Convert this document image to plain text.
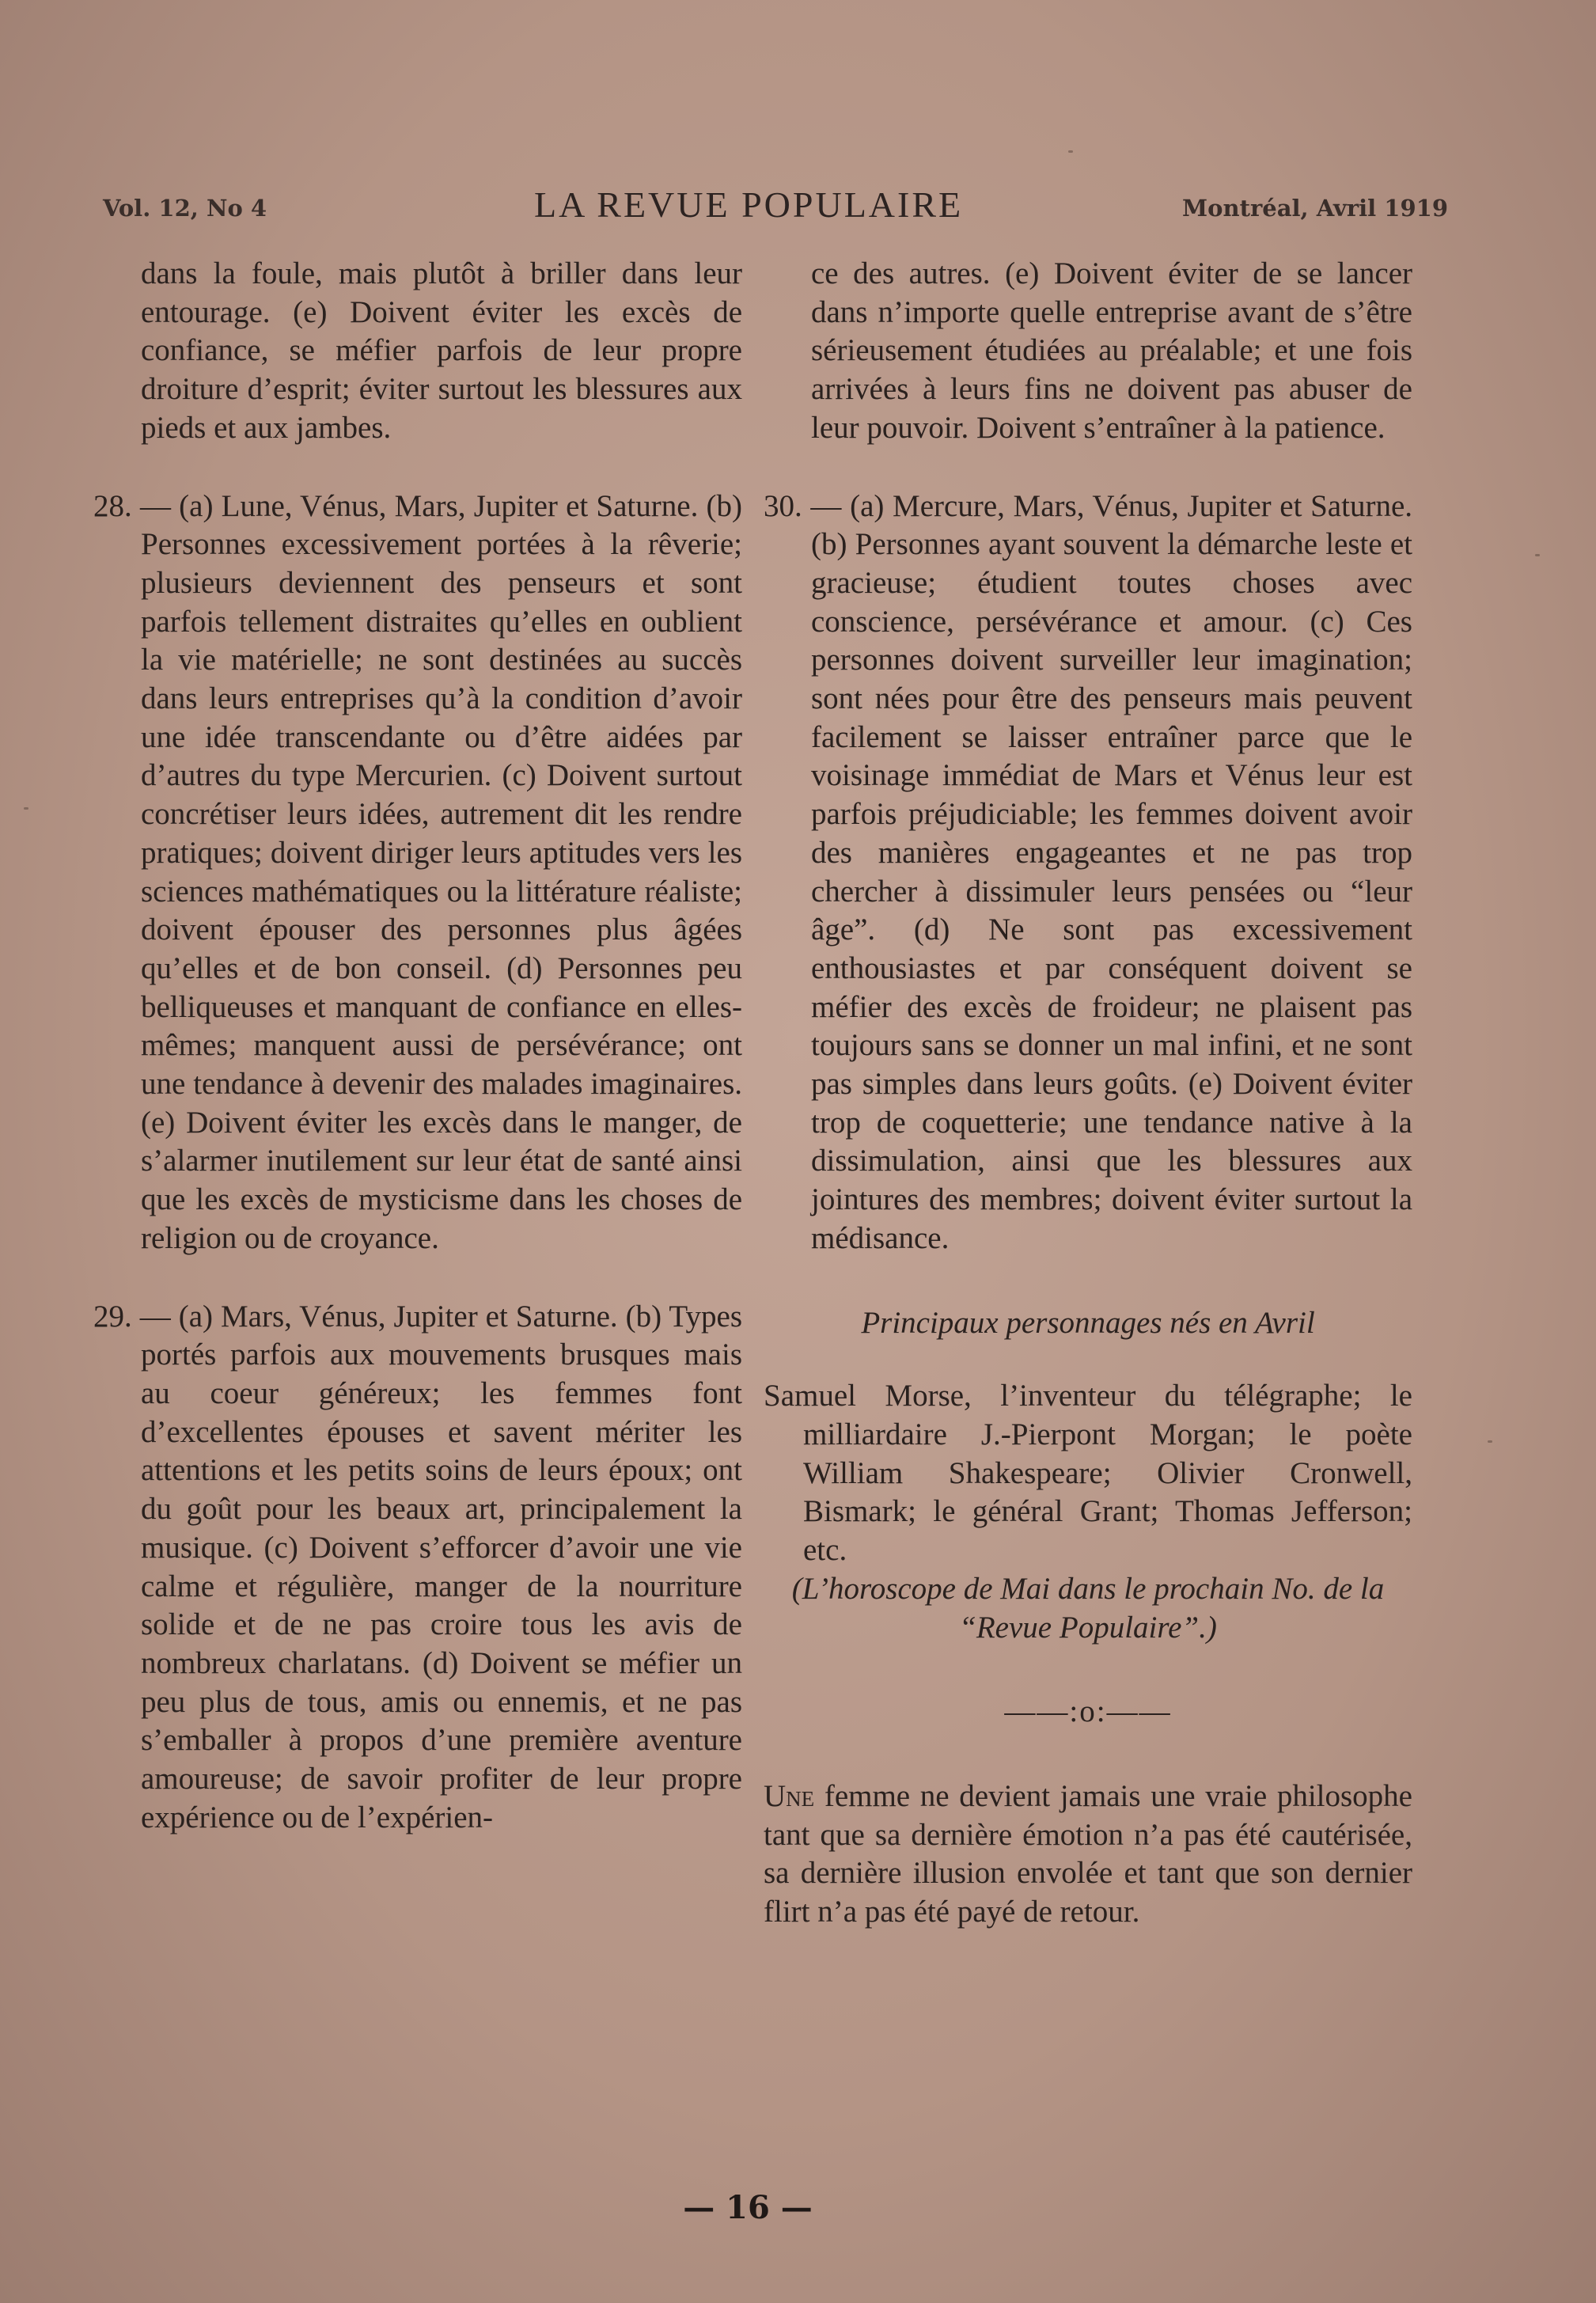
Vol. 12, No 4	LA REVUE POPULAIRE	Montréal, Avril 1919

dans la foule, mais plutôt à briller dans leur entourage. (e) Doivent éviter les excès de confiance, se méfier parfois de leur propre droiture d’esprit; éviter surtout les blessures aux pieds et aux jambes.

28. — (a) Lune, Vénus, Mars, Jupiter et Saturne. (b) Personnes excessivement portées à la rêverie; plusieurs deviennent des penseurs et sont parfois tellement distraites qu’elles en oublient la vie matérielle; ne sont destinées au succès dans leurs entreprises qu’à la condition d’avoir une idée transcendante ou d’être aidées par d’autres du type Mercurien. (c) Doivent surtout concrétiser leurs idées, autrement dit les rendre pratiques; doivent diriger leurs aptitudes vers les sciences mathématiques ou la littérature réaliste; doivent épouser des personnes plus âgées qu’elles et de bon conseil. (d) Personnes peu belliqueuses et manquant de confiance en elles-mêmes; manquent aussi de persévérance; ont une tendance à devenir des malades imaginaires. (e) Doivent éviter les excès dans le manger, de s’alarmer inutilement sur leur état de santé ainsi que les excès de mysticisme dans les choses de religion ou de croyance.

29. — (a) Mars, Vénus, Jupiter et Saturne. (b) Types portés parfois aux mouvements brusques mais au coeur généreux; les femmes font d’excellentes épouses et savent mériter les attentions et les petits soins de leurs époux; ont du goût pour les beaux art, principalement la musique. (c) Doivent s’efforcer d’avoir une vie calme et régulière, manger de la nourriture solide et de ne pas croire tous les avis de nombreux charlatans. (d) Doivent se méfier un peu plus de tous, amis ou ennemis, et ne pas s’emballer à propos d’une première aventure amoureuse; de savoir profiter de leur propre expérience ou de l’expérien-

ce des autres. (e) Doivent éviter de se lancer dans n’importe quelle entreprise avant de s’être sérieusement étudiées au préalable; et une fois arrivées à leurs fins ne doivent pas abuser de leur pouvoir. Doivent s’entraîner à la patience.

30. — (a) Mercure, Mars, Vénus, Jupiter et Saturne. (b) Personnes ayant souvent la démarche leste et gracieuse; étudient toutes choses avec conscience, persévérance et amour. (c) Ces personnes doivent surveiller leur imagination; sont nées pour être des penseurs mais peuvent facilement se laisser entraîner parce que le voisinage immédiat de Mars et Vénus leur est parfois préjudiciable; les femmes doivent avoir des manières engageantes et ne pas trop chercher à dissimuler leurs pensées ou “leur âge”. (d) Ne sont pas excessivement enthousiastes et par conséquent doivent se méfier des excès de froideur; ne plaisent pas toujours sans se donner un mal infini, et ne sont pas simples dans leurs goûts. (e) Doivent éviter trop de coquetterie; une tendance native à la dissimulation, ainsi que les blessures aux jointures des membres; doivent éviter surtout la médisance.

Principaux personnages nés en Avril

Samuel Morse, l’inventeur du télégraphe; le milliardaire J.-Pierpont Morgan; le poète William Shakespeare; Olivier Cronwell, Bismark; le général Grant; Thomas Jefferson; etc.

(L’horoscope de Mai dans le prochain No. de la “Revue Populaire”.)

——:o:——

Une femme ne devient jamais une vraie philosophe tant que sa dernière émotion n’a pas été cautérisée, sa dernière illusion envolée et tant que son dernier flirt n’a pas été payé de retour.

— 16 —
